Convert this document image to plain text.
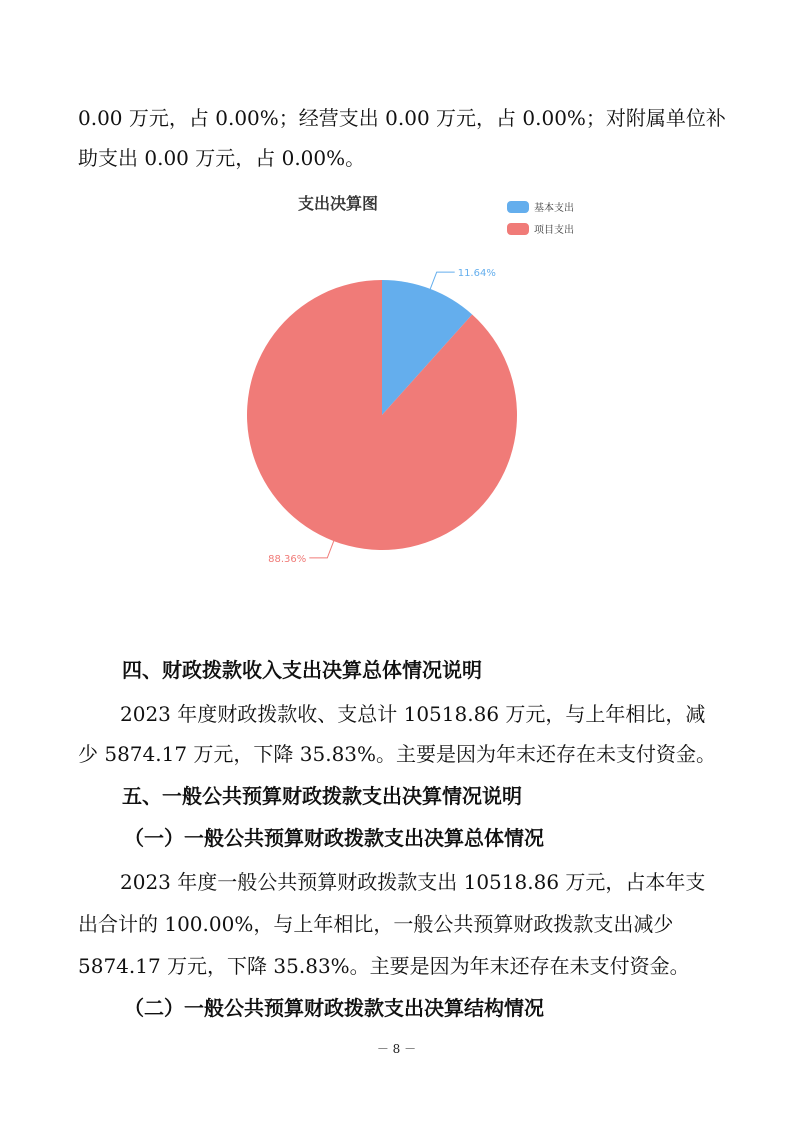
0.00 万元，占 0.00%；经营支出 0.00 万元，占 0.00%；对附属单位补
助支出 0.00 万元，占 0.00%。
支出决算图	基本支出
项目支出
11.64%
88.36%
四、财政拨款收入支出决算总体情况说明
2023 年度财政拨款收、支总计 10518.86 万元，与上年相比，减
少 5874.17 万元，下降 35.83%。主要是因为年末还存在未支付资金。
五、一般公共预算财政拨款支出决算情况说明
（一）一般公共预算财政拨款支出决算总体情况
2023 年度一般公共预算财政拨款支出 10518.86 万元，占本年支
出合计的 100.00%，与上年相比，一般公共预算财政拨款支出减少
5874.17 万元，下降 35.83%。主要是因为年末还存在未支付资金。
（二）一般公共预算财政拨款支出决算结构情况
－ 8 －
